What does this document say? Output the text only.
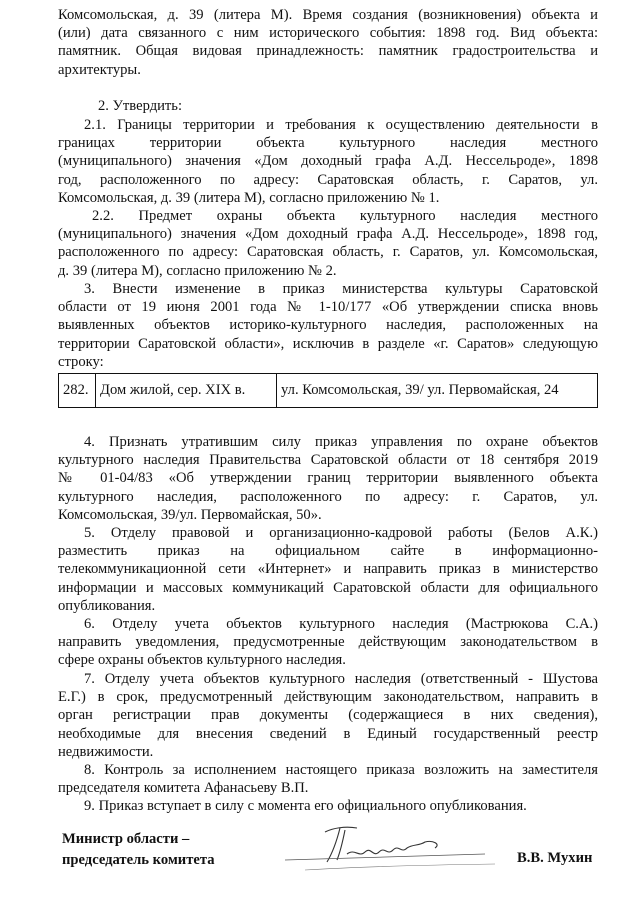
Комсомольская, д. 39 (литера М). Время создания (возникновения) объекта и
(или) дата связанного с ним исторического события: 1898 год. Вид объекта:
памятник. Общая видовая принадлежность: памятник градостроительства и
архитектуры.
2. Утвердить:
2.1. Границы территории и требования к осуществлению деятельности в
границах территории объекта культурного наследия местного
(муниципального) значения «Дом доходный графа А.Д. Нессельроде», 1898
год, расположенного по адресу: Саратовская область, г. Саратов, ул.
Комсомольская, д. 39 (литера М), согласно приложению № 1.
2.2. Предмет охраны объекта культурного наследия местного
(муниципального) значения «Дом доходный графа А.Д. Нессельроде», 1898 год,
расположенного по адресу: Саратовская область, г. Саратов, ул. Комсомольская,
д. 39 (литера М), согласно приложению № 2.
3. Внести изменение в приказ министерства культуры Саратовской
области от 19 июня 2001 года № 1-10/177 «Об утверждении списка вновь
выявленных объектов историко-культурного наследия, расположенных на
территории Саратовской области», исключив в разделе «г. Саратов» следующую
строку:
4. Признать утратившим силу приказ управления по охране объектов
культурного наследия Правительства Саратовской области от 18 сентября 2019
№ 01-04/83 «Об утверждении границ территории выявленного объекта
культурного наследия, расположенного по адресу: г. Саратов, ул.
Комсомольская, 39/ул. Первомайская, 50».
5. Отделу правовой и организационно-кадровой работы (Белов А.К.)
разместить приказ на официальном сайте в информационно-
телекоммуникационной сети «Интернет» и направить приказ в министерство
информации и массовых коммуникаций Саратовской области для официального
опубликования.
6. Отделу учета объектов культурного наследия (Мастрюкова С.А.)
направить уведомления, предусмотренные действующим законодательством в
сфере охраны объектов культурного наследия.
7. Отделу учета объектов культурного наследия (ответственный - Шустова
Е.Г.) в срок, предусмотренный действующим законодательством, направить в
орган регистрации прав документы (содержащиеся в них сведения),
необходимые для внесения сведений в Единый государственный реестр
недвижимости.
8. Контроль за исполнением настоящего приказа возложить на заместителя
председателя комитета Афанасьеву В.П.
9. Приказ вступает в силу с момента его официального опубликования.
282.	Дом жилой, сер. XIX в.	ул. Комсомольская, 39/ ул. Первомайская, 24
Министр области –
председатель комитета	В.В. Мухин
